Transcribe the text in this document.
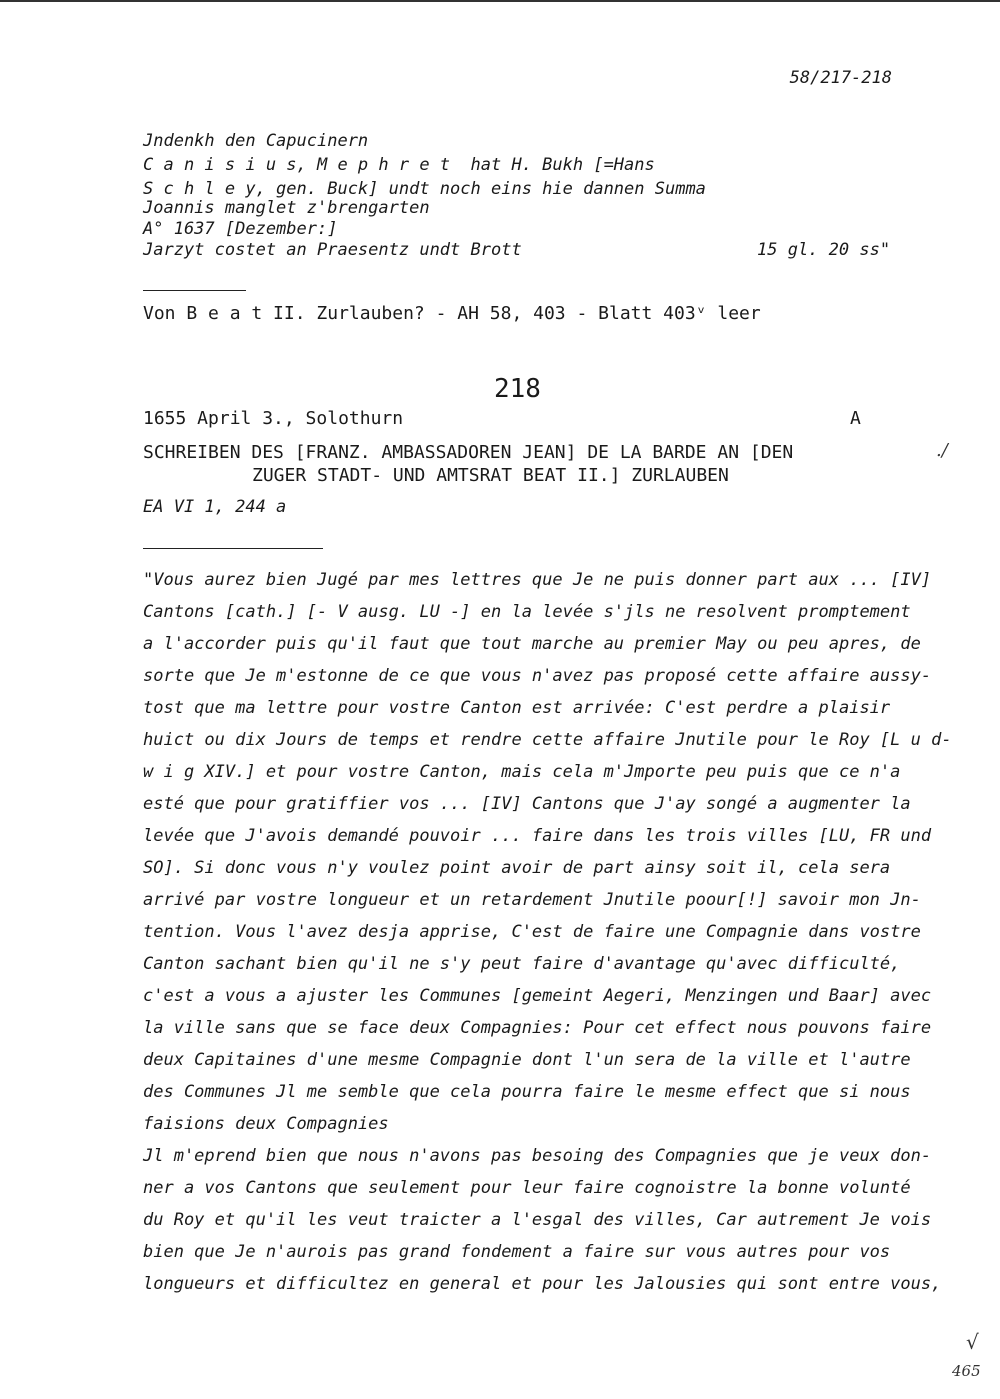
58/217-218
Jndenkh den Capucinern
C a n i s i u s, M e p h r e t  hat H. Bukh [=Hans
S c h l e y, gen. Buck] undt noch eins hie dannen Summa
Joannis manglet z'brengarten
A° 1637 [Dezember:]
Jarzyt costet an Praesentz undt Brott	15 gl. 20 ss"
Von B e a t II. Zurlauben? - AH 58, 403 - Blatt 403ᵛ leer
218
1655 April 3., Solothurn	A
SCHREIBEN DES [FRANZ. AMBASSADOREN JEAN] DE LA BARDE AN [DEN
ZUGER STADT- UND AMTSRAT BEAT II.] ZURLAUBEN
./
EA VI 1, 244 a
"Vous aurez bien Jugé par mes lettres que Je ne puis donner part aux ... [IV]
Cantons [cath.] [- V ausg. LU -] en la levée s'jls ne resolvent promptement
a l'accorder puis qu'il faut que tout marche au premier May ou peu apres, de
sorte que Je m'estonne de ce que vous n'avez pas proposé cette affaire aussy-
tost que ma lettre pour vostre Canton est arrivée: C'est perdre a plaisir
huict ou dix Jours de temps et rendre cette affaire Jnutile pour le Roy [L u d-
w i g XIV.] et pour vostre Canton, mais cela m'Jmporte peu puis que ce n'a
esté que pour gratiffier vos ... [IV] Cantons que J'ay songé a augmenter la
levée que J'avois demandé pouvoir ... faire dans les trois villes [LU, FR und
SO]. Si donc vous n'y voulez point avoir de part ainsy soit il, cela sera
arrivé par vostre longueur et un retardement Jnutile poour[!] savoir mon Jn-
tention. Vous l'avez desja apprise, C'est de faire une Compagnie dans vostre
Canton sachant bien qu'il ne s'y peut faire d'avantage qu'avec difficulté,
c'est a vous a ajuster les Communes [gemeint Aegeri, Menzingen und Baar] avec
la ville sans que se face deux Compagnies: Pour cet effect nous pouvons faire
deux Capitaines d'une mesme Compagnie dont l'un sera de la ville et l'autre
des Communes Jl me semble que cela pourra faire le mesme effect que si nous
faisions deux Compagnies
Jl m'eprend bien que nous n'avons pas besoing des Compagnies que je veux don-
ner a vos Cantons que seulement pour leur faire cognoistre la bonne volunté
du Roy et qu'il les veut traicter a l'esgal des villes, Car autrement Je vois
bien que Je n'aurois pas grand fondement a faire sur vous autres pour vos
longueurs et difficultez en general et pour les Jalousies qui sont entre vous,
√
465
